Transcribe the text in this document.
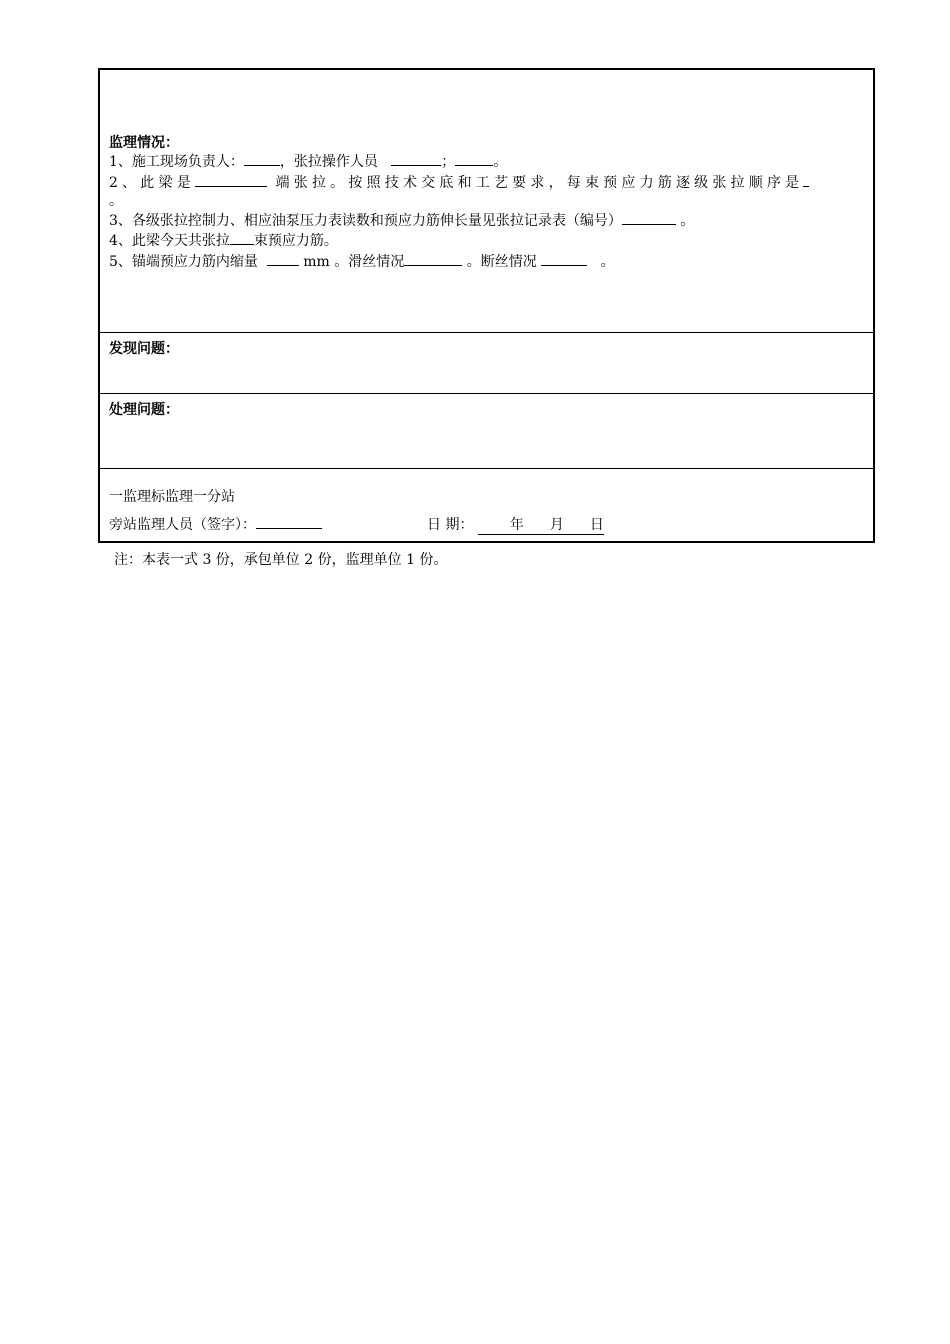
监理情况：
1、施工现场负责人：	，张拉操作人员	；	。
2、此梁是	端张拉。按照技术交底和工艺要求，每束预应力筋逐级张拉顺序是
。
3、各级张拉控制力、相应油泵压力表读数和预应力筋伸长量见张拉记录表（编号）	。
4、此梁今天共张拉 束预应力筋。
5、锚端预应力筋内缩量	mm 。滑丝情况	。断丝情况	。
发现问题：
处理问题：
一监理标监理一分站
旁站监理人员（签字）：	日 期：	年 月 日
注：本表一式 3 份，承包单位 2 份，监理单位 1 份。
